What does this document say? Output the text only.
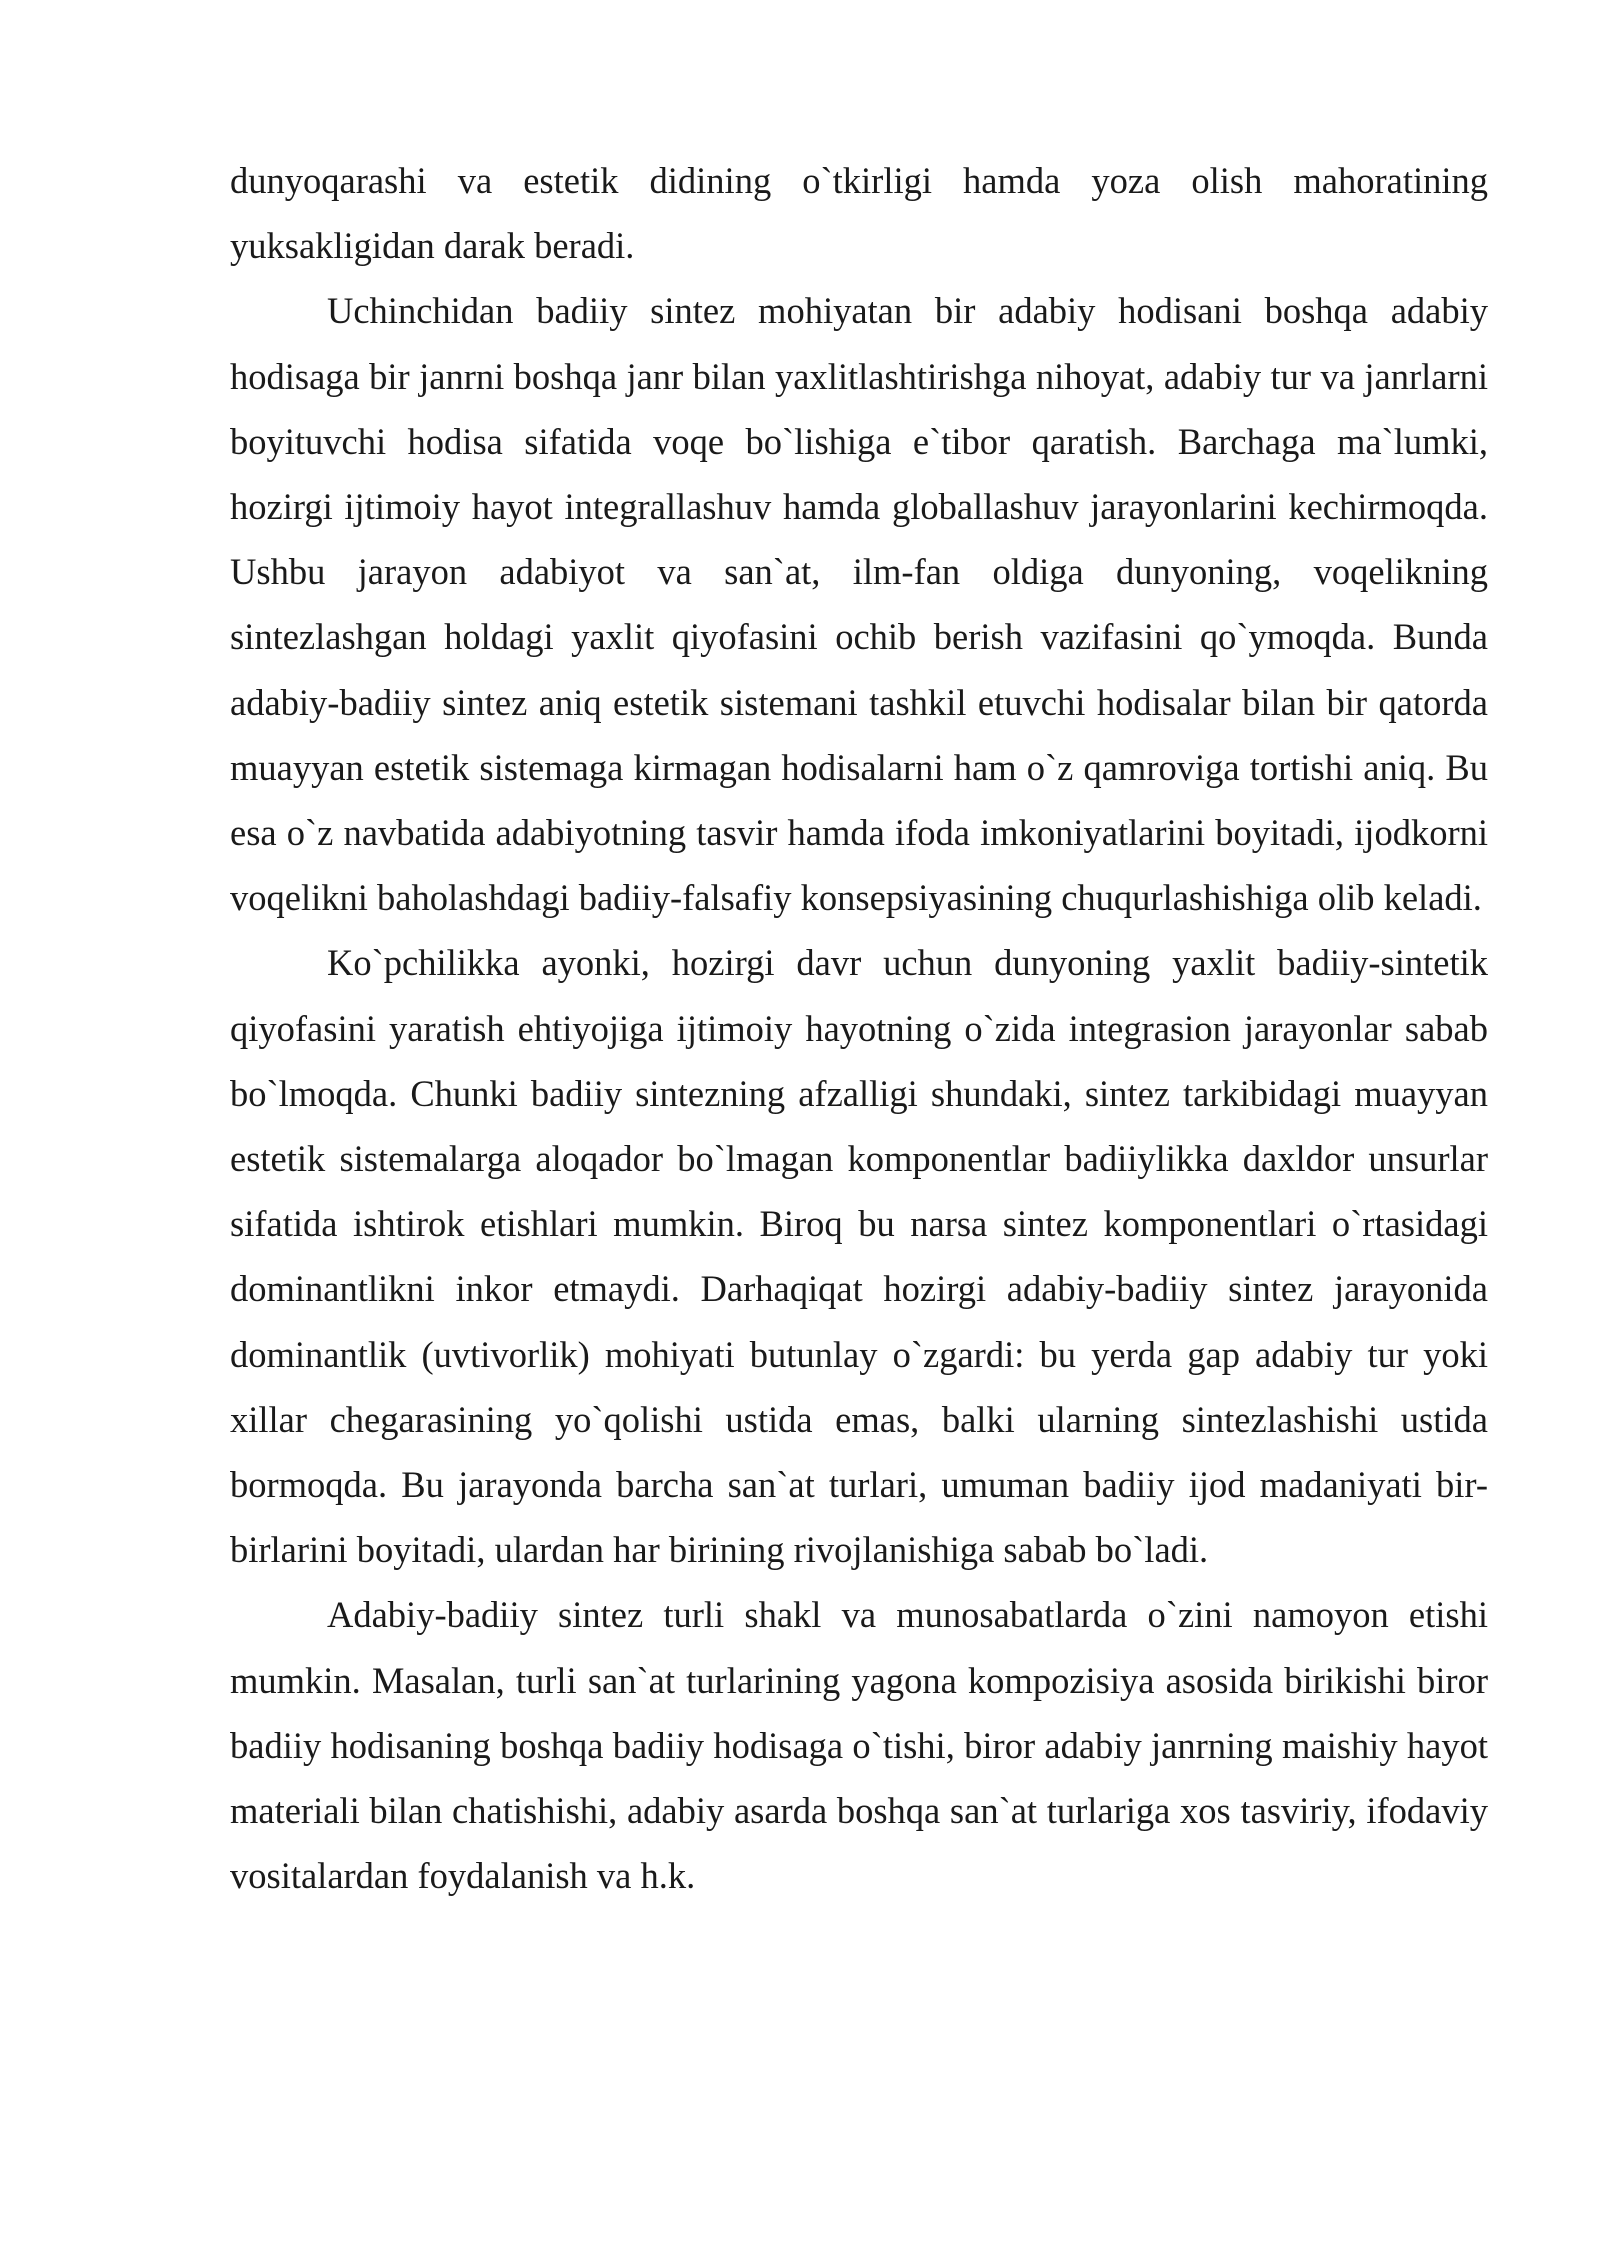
dunyoqarashi va estetik didining o`tkirligi hamda yoza olish mahoratining yuksakligidan darak beradi.

Uchinchidan badiiy sintez mohiyatan bir adabiy hodisani boshqa adabiy hodisaga bir janrni boshqa janr bilan yaxlitlashtirishga nihoyat, adabiy tur va janrlarni boyituvchi hodisa sifatida voqe bo`lishiga e`tibor qaratish. Barchaga ma`lumki, hozirgi ijtimoiy hayot integrallashuv hamda globallashuv jarayonlarini kechirmoqda. Ushbu jarayon adabiyot va san`at, ilm-fan oldiga dunyoning, voqelikning sintezlashgan holdagi yaxlit qiyofasini ochib berish vazifasini qo`ymoqda. Bunda adabiy-badiiy sintez aniq estetik sistemani tashkil etuvchi hodisalar bilan bir qatorda muayyan estetik sistemaga kirmagan hodisalarni ham o`z qamroviga tortishi aniq. Bu esa o`z navbatida adabiyotning tasvir hamda ifoda imkoniyatlarini boyitadi, ijodkorni voqelikni baholashdagi badiiy-falsafiy konsepsiyasining chuqurlashishiga olib keladi.

Ko`pchilikka ayonki, hozirgi davr uchun dunyoning yaxlit badiiy-sintetik qiyofasini yaratish ehtiyojiga ijtimoiy hayotning o`zida integrasion jarayonlar sabab bo`lmoqda. Chunki badiiy sintezning afzalligi shundaki, sintez tarkibidagi muayyan estetik sistemalarga aloqador bo`lmagan komponentlar badiiylikka daxldor unsurlar sifatida ishtirok etishlari mumkin. Biroq bu narsa sintez komponentlari o`rtasidagi dominantlikni inkor etmaydi. Darhaqiqat hozirgi adabiy-badiiy sintez jarayonida dominantlik (uvtivorlik) mohiyati butunlay o`zgardi: bu yerda gap adabiy tur yoki xillar chegarasining yo`qolishi ustida emas, balki ularning sintezlashishi ustida bormoqda. Bu jarayonda barcha san`at turlari, umuman badiiy ijod madaniyati bir-birlarini boyitadi, ulardan har birining rivojlanishiga sabab bo`ladi.

Adabiy-badiiy sintez turli shakl va munosabatlarda o`zini namoyon etishi mumkin. Masalan, turli san`at turlarining yagona kompozisiya asosida birikishi biror badiiy hodisaning boshqa badiiy hodisaga o`tishi, biror adabiy janrning maishiy hayot materiali bilan chatishishi, adabiy asarda boshqa san`at turlariga xos tasviriy, ifodaviy vositalardan foydalanish va h.k.
